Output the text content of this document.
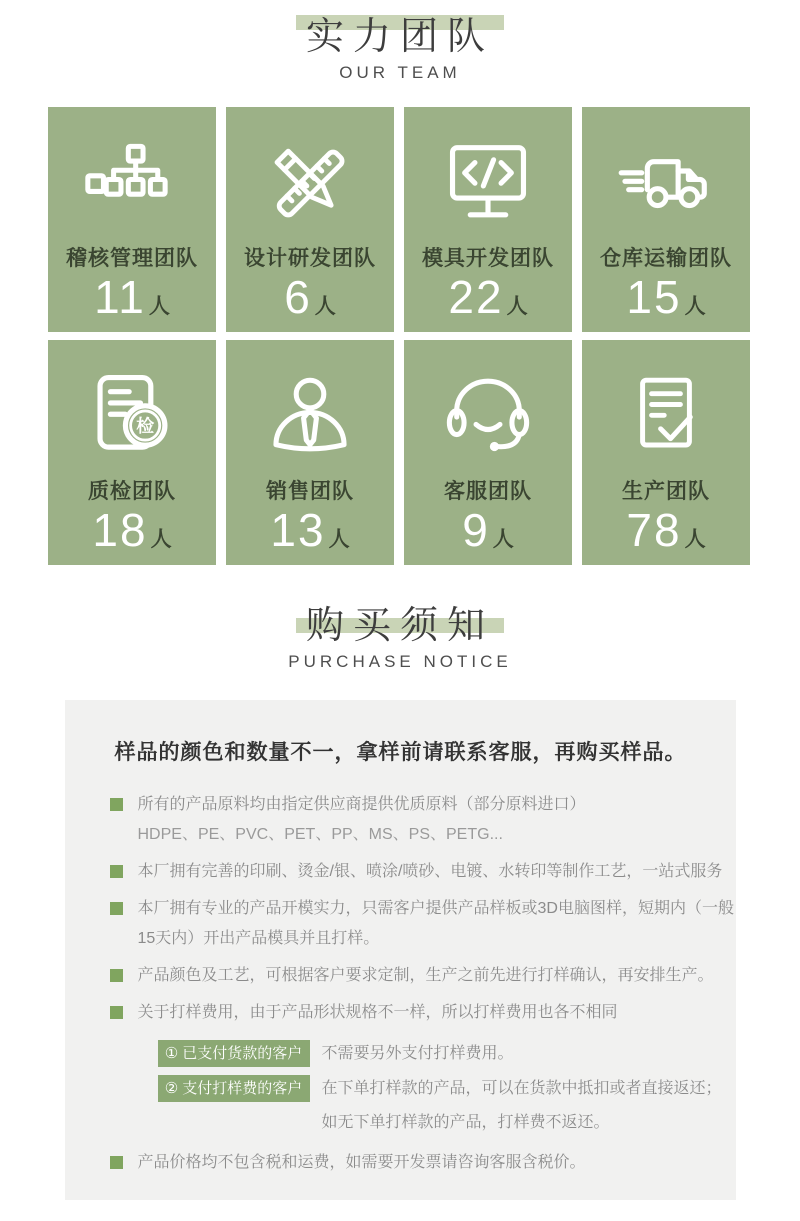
实力团队
OUR TEAM
稽核管理团队
11 人
设计研发团队
6 人
模具开发团队
22 人
仓库运输团队
15 人
检
质检团队
18 人
销售团队
13 人
客服团队
9 人
生产团队
78 人
购买须知
PURCHASE NOTICE
样品的颜色和数量不一，拿样前请联系客服，再购买样品。
所有的产品原料均由指定供应商提供优质原料（部分原料进口）
HDPE、PE、PVC、PET、PP、MS、PS、PETG...
本厂拥有完善的印刷、烫金/银、喷涂/喷砂、电镀、水转印等制作工艺，一站式服务
本厂拥有专业的产品开模实力，只需客户提供产品样板或3D电脑图样，短期内（一般
15天内）开出产品模具并且打样。
产品颜色及工艺，可根据客户要求定制，生产之前先进行打样确认，再安排生产。
关于打样费用，由于产品形状规格不一样，所以打样费用也各不相同
① 已支付货款的客户	不需要另外支付打样费用。
② 支付打样费的客户	在下单打样款的产品，可以在货款中抵扣或者直接返还；
如无下单打样款的产品，打样费不返还。
产品价格均不包含税和运费，如需要开发票请咨询客服含税价。
